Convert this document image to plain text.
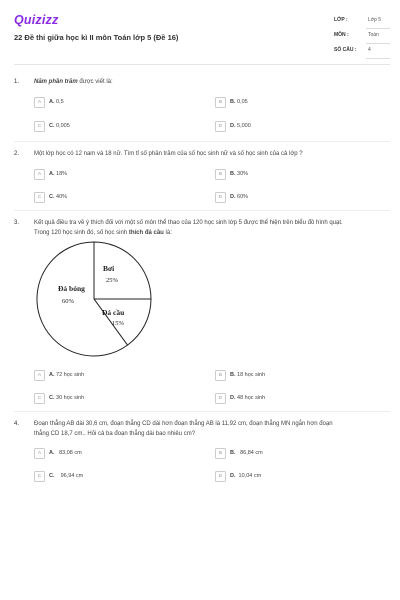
Quizizz
22 Đề thi giữa học kì II môn Toán lớp 5 (Đề 16)
LỚP :	Lớp 5
MÔN :	Toán
SỐ CÂU : 4
1. Năm phần trăm được viết là:
A	A. 0,5	B	B. 0,05
C	C. 0,005	D	D. 5,000
2. Một lớp học có 12 nam và 18 nữ. Tìm tỉ số phần trăm của số học sinh nữ và số học sinh của cả lớp ?
A	A. 18%	B	B. 30%
C	C. 40%	D	D. 60%
3. Kết quả điều tra về ý thích đối với một số môn thể thao của 120 học sinh lớp 5 được thể hiện trên biểu đồ hình quạt.
Trong 120 học sinh đó, số học sinh thích đá cầu là:
Đá bóng
60%
Bơi
25%
Đá cầu
15%
A	A. 72 học sinh	B	B. 18 học sinh
C	C. 30 học sinh	D	D. 48 học sinh
4. Đoạn thẳng AB dài 30,6 cm, đoạn thẳng CD dài hơn đoạn thẳng AB là 11,92 cm, đoạn thẳng MN ngắn hơn đoạn
thẳng CD 18,7 cm.. Hỏi cả ba đoạn thẳng dài bao nhiêu cm?
A	A.   83,08 cm	B	B.   86,84 cm
C	C.    96,94 cm	D	D.  10,04 cm
